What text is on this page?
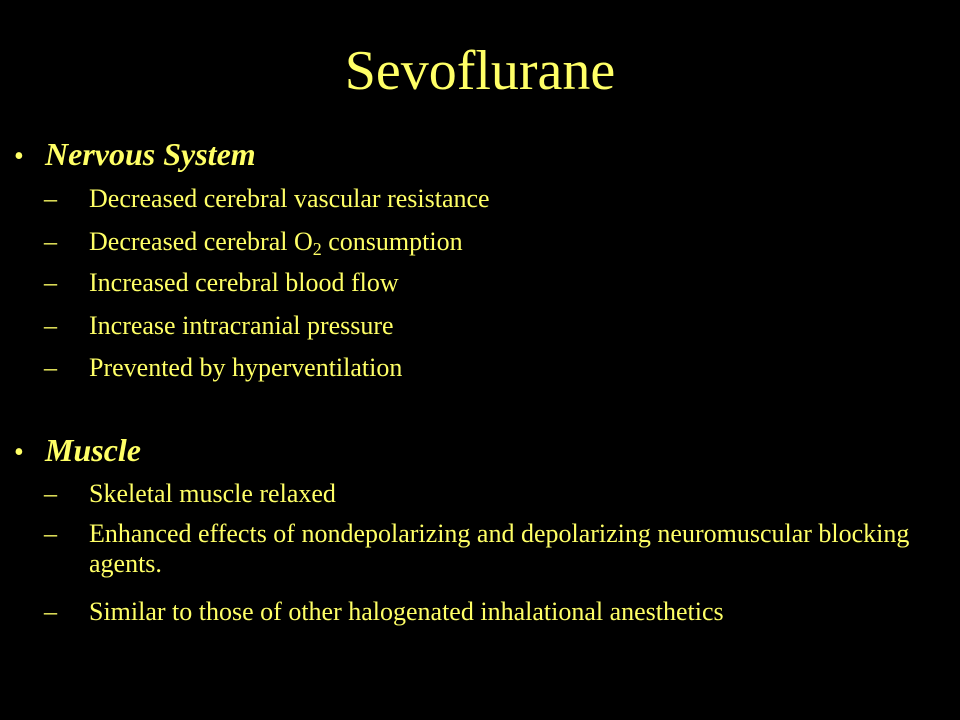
Sevoflurane
• Nervous System
– Decreased cerebral vascular resistance
– Decreased cerebral $O_2$ consumption
– Increased cerebral blood flow
– Increase intracranial pressure
– Prevented by hyperventilation
• Muscle
– Skeletal muscle relaxed
– Enhanced effects of nondepolarizing and depolarizing neuromuscular blocking agents.
– Similar to those of other halogenated inhalational anesthetics
